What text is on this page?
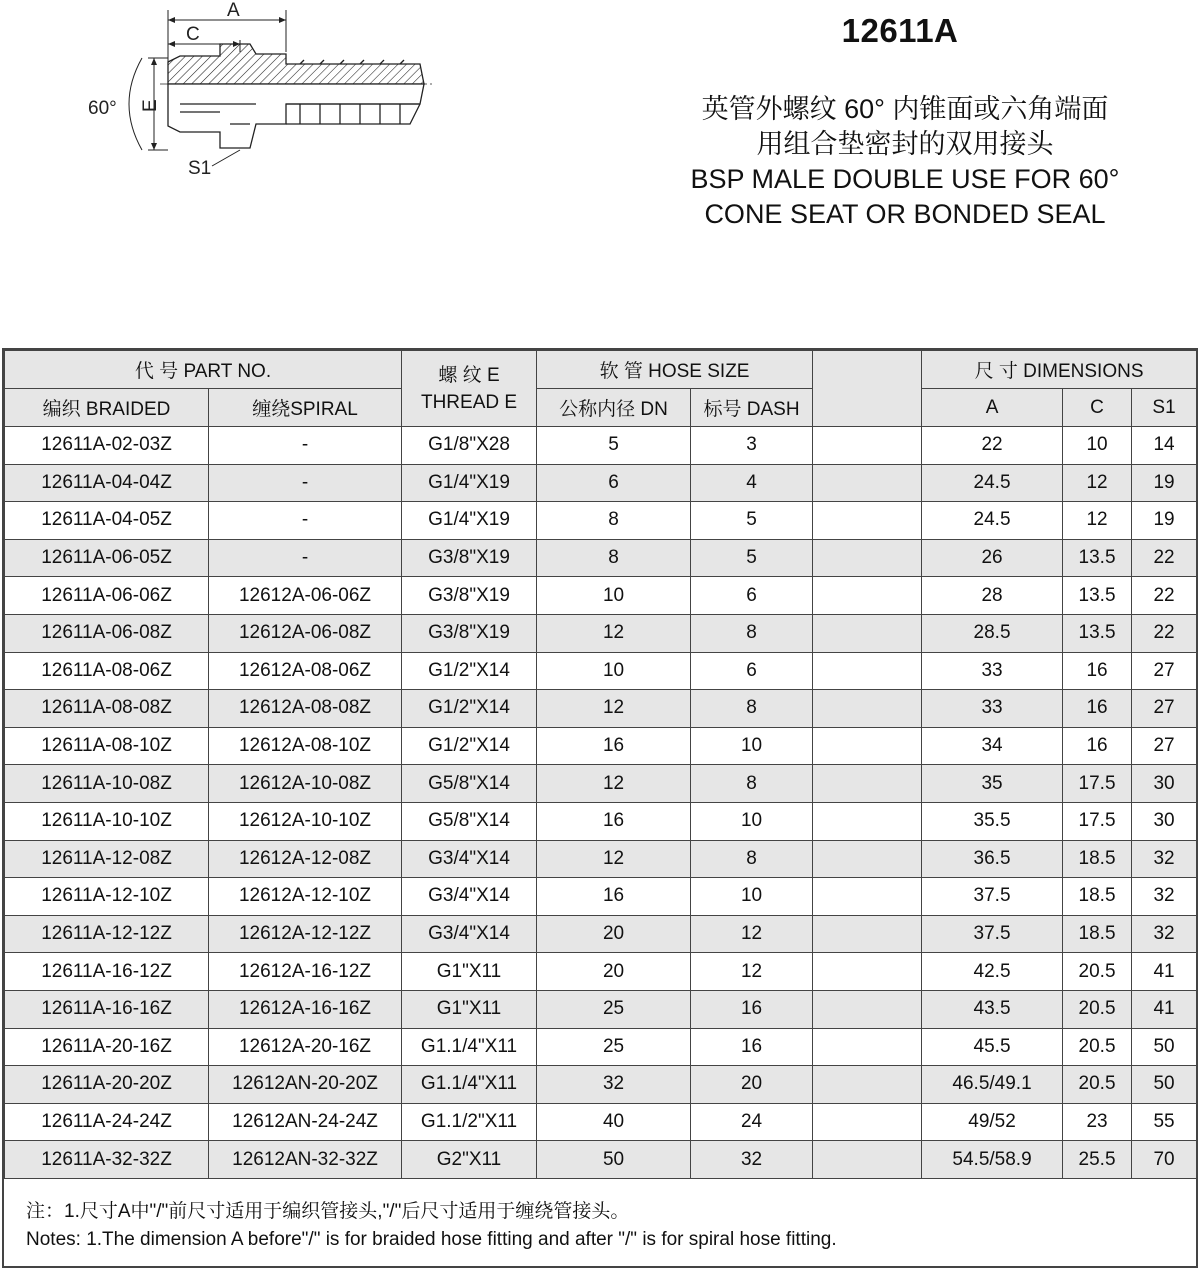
A
C
60° E
S1
12611A
英管外螺纹 60° 内锥面或六角端面
用组合垫密封的双用接头
BSP MALE DOUBLE USE FOR 60°
CONE SEAT OR BONDED SEAL
代 号 PART NO.		螺 纹 E
THREAD E	软 管 HOSE SIZE			尺 寸 DIMENSIONS		
编织 BRAIDED	缠绕SPIRAL		公称内径 DN	标号 DASH		A	C	S1
12611A-02-03Z	-	G1/8"X28	5	3		22	10	14
12611A-04-04Z	-	G1/4"X19	6	4		24.5	12	19
12611A-04-05Z	-	G1/4"X19	8	5		24.5	12	19
12611A-06-05Z	-	G3/8"X19	8	5		26	13.5	22
12611A-06-06Z	12612A-06-06Z	G3/8"X19	10	6		28	13.5	22
12611A-06-08Z	12612A-06-08Z	G3/8"X19	12	8		28.5	13.5	22
12611A-08-06Z	12612A-08-06Z	G1/2"X14	10	6		33	16	27
12611A-08-08Z	12612A-08-08Z	G1/2"X14	12	8		33	16	27
12611A-08-10Z	12612A-08-10Z	G1/2"X14	16	10		34	16	27
12611A-10-08Z	12612A-10-08Z	G5/8"X14	12	8		35	17.5	30
12611A-10-10Z	12612A-10-10Z	G5/8"X14	16	10		35.5	17.5	30
12611A-12-08Z	12612A-12-08Z	G3/4"X14	12	8		36.5	18.5	32
12611A-12-10Z	12612A-12-10Z	G3/4"X14	16	10		37.5	18.5	32
12611A-12-12Z	12612A-12-12Z	G3/4"X14	20	12		37.5	18.5	32
12611A-16-12Z	12612A-16-12Z	G1"X11	20	12		42.5	20.5	41
12611A-16-16Z	12612A-16-16Z	G1"X11	25	16		43.5	20.5	41
12611A-20-16Z	12612A-20-16Z	G1.1/4"X11	25	16		45.5	20.5	50
12611A-20-20Z	12612AN-20-20Z	G1.1/4"X11	32	20		46.5/49.1	20.5	50
12611A-24-24Z	12612AN-24-24Z	G1.1/2"X11	40	24		49/52	23	55
12611A-32-32Z	12612AN-32-32Z	G2"X11	50	32		54.5/58.9	25.5	70
注：1.尺寸A中"/"前尺寸适用于编织管接头,"/"后尺寸适用于缠绕管接头。
Notes: 1.The dimension A before"/" is for braided hose fitting and after "/" is for spiral hose fitting.
